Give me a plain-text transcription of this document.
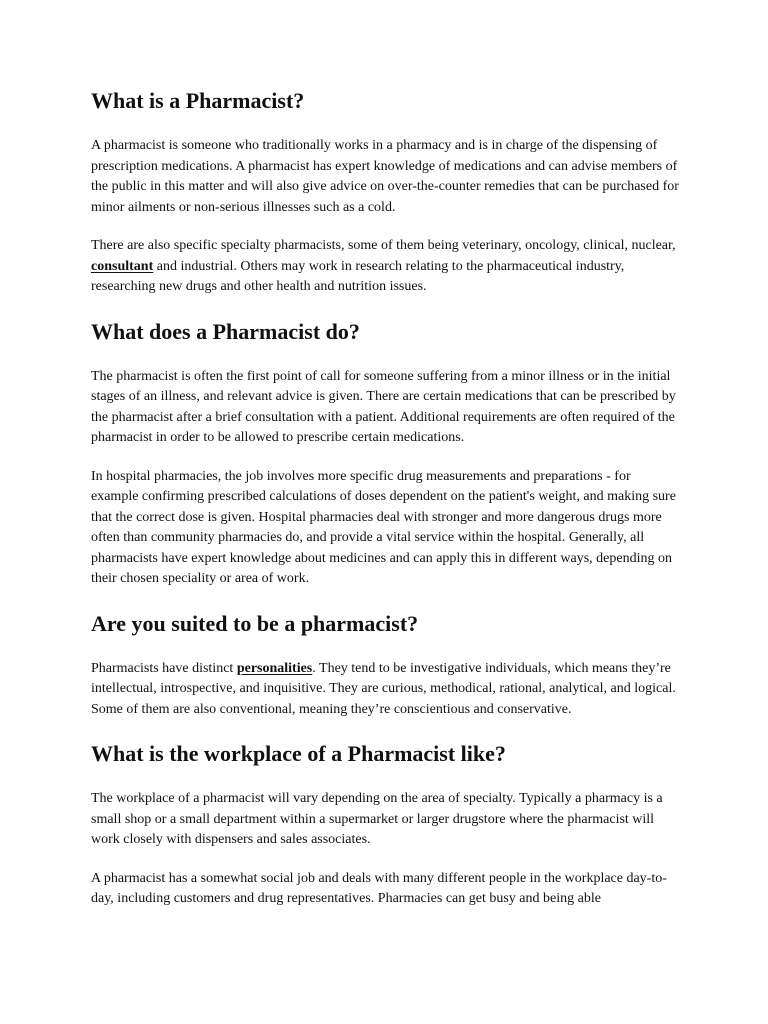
What is a Pharmacist?

A pharmacist is someone who traditionally works in a pharmacy and is in charge of the dispensing of prescription medications. A pharmacist has expert knowledge of medications and can advise members of the public in this matter and will also give advice on over-the-counter remedies that can be purchased for minor ailments or non-serious illnesses such as a cold.

There are also specific specialty pharmacists, some of them being veterinary, oncology, clinical, nuclear, consultant and industrial. Others may work in research relating to the pharmaceutical industry, researching new drugs and other health and nutrition issues.

What does a Pharmacist do?

The pharmacist is often the first point of call for someone suffering from a minor illness or in the initial stages of an illness, and relevant advice is given. There are certain medications that can be prescribed by the pharmacist after a brief consultation with a patient. Additional requirements are often required of the pharmacist in order to be allowed to prescribe certain medications.

In hospital pharmacies, the job involves more specific drug measurements and preparations - for example confirming prescribed calculations of doses dependent on the patient's weight, and making sure that the correct dose is given. Hospital pharmacies deal with stronger and more dangerous drugs more often than community pharmacies do, and provide a vital service within the hospital. Generally, all pharmacists have expert knowledge about medicines and can apply this in different ways, depending on their chosen speciality or area of work.

Are you suited to be a pharmacist?

Pharmacists have distinct personalities. They tend to be investigative individuals, which means they’re intellectual, introspective, and inquisitive. They are curious, methodical, rational, analytical, and logical. Some of them are also conventional, meaning they’re conscientious and conservative.

What is the workplace of a Pharmacist like?

The workplace of a pharmacist will vary depending on the area of specialty. Typically a pharmacy is a small shop or a small department within a supermarket or larger drugstore where the pharmacist will work closely with dispensers and sales associates.

A pharmacist has a somewhat social job and deals with many different people in the workplace day-to-day, including customers and drug representatives. Pharmacies can get busy and being able
